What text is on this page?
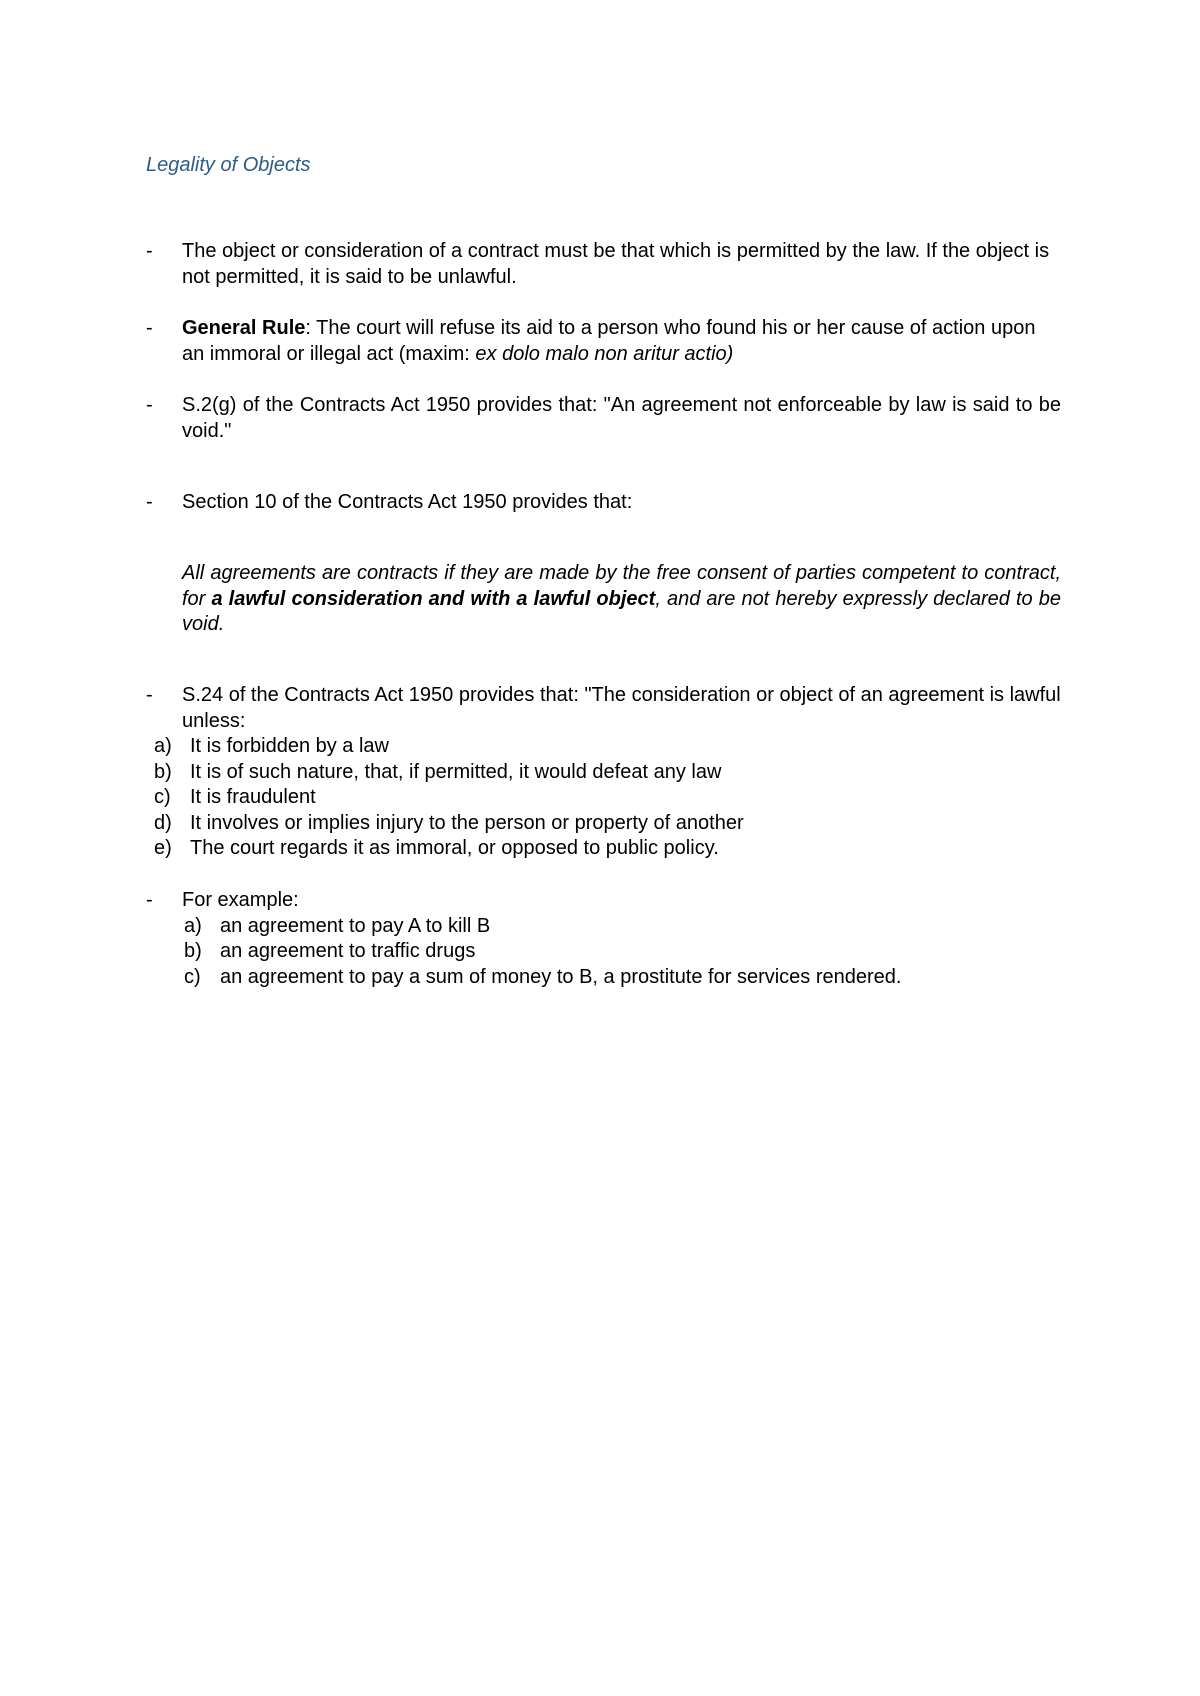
Legality of Objects
- The object or consideration of a contract must be that which is permitted by the law. If the object is not permitted, it is said to be unlawful.
- General Rule: The court will refuse its aid to a person who found his or her cause of action upon an immoral or illegal act (maxim: ex dolo malo non aritur actio)
- S.2(g) of the Contracts Act 1950 provides that: "An agreement not enforceable by law is said to be void."
- Section 10 of the Contracts Act 1950 provides that:
All agreements are contracts if they are made by the free consent of parties competent to contract, for a lawful consideration and with a lawful object, and are not hereby expressly declared to be void.
- S.24 of the Contracts Act 1950 provides that: "The consideration or object of an agreement is lawful unless:
a) It is forbidden by a law
b) It is of such nature, that, if permitted, it would defeat any law
c) It is fraudulent
d) It involves or implies injury to the person or property of another
e) The court regards it as immoral, or opposed to public policy.
- For example:
a) an agreement to pay A to kill B
b) an agreement to traffic drugs
c) an agreement to pay a sum of money to B, a prostitute for services rendered.
